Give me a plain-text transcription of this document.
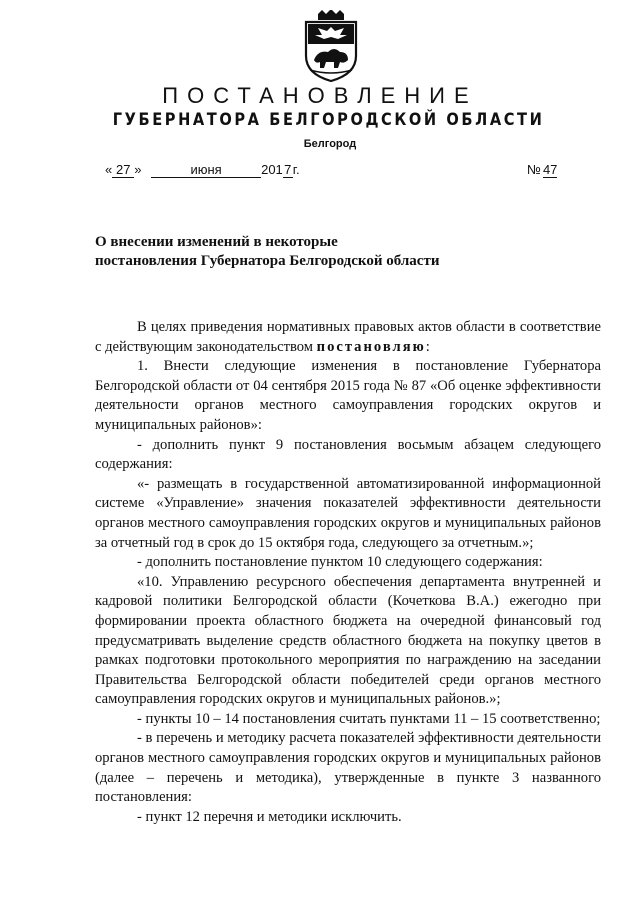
ПОСТАНОВЛЕНИЕ
ГУБЕРНАТОРА БЕЛГОРОДСКОЙ ОБЛАСТИ
Белгород
« 27 »	июня	2017г.	№ 47
О внесении изменений в некоторые
постановления Губернатора Белгородской области

В целях приведения нормативных правовых актов области в соответствие с действующим законодательством постановляю:

1. Внести следующие изменения в постановление Губернатора Белгородской области от 04 сентября 2015 года № 87 «Об оценке эффективности деятельности органов местного самоуправления городских округов и муниципальных районов»:

- дополнить пункт 9 постановления восьмым абзацем следующего содержания:

«- размещать в государственной автоматизированной информационной системе «Управление» значения показателей эффективности деятельности органов местного самоуправления городских округов и муниципальных районов за отчетный год в срок до 15 октября года, следующего за отчетным.»;

- дополнить постановление пунктом 10 следующего содержания:

«10. Управлению ресурсного обеспечения департамента внутренней и кадровой политики Белгородской области (Кочеткова В.А.) ежегодно при формировании проекта областного бюджета на очередной финансовый год предусматривать выделение средств областного бюджета на покупку цветов в рамках подготовки протокольного мероприятия по награждению на заседании Правительства Белгородской области победителей среди органов местного самоуправления городских округов и муниципальных районов.»;

- пункты 10 – 14 постановления считать пунктами 11 – 15 соответственно;

- в перечень и методику расчета показателей эффективности деятельности органов местного самоуправления городских округов и муниципальных районов (далее – перечень и методика), утвержденные в пункте 3 названного постановления:

- пункт 12 перечня и методики исключить.
